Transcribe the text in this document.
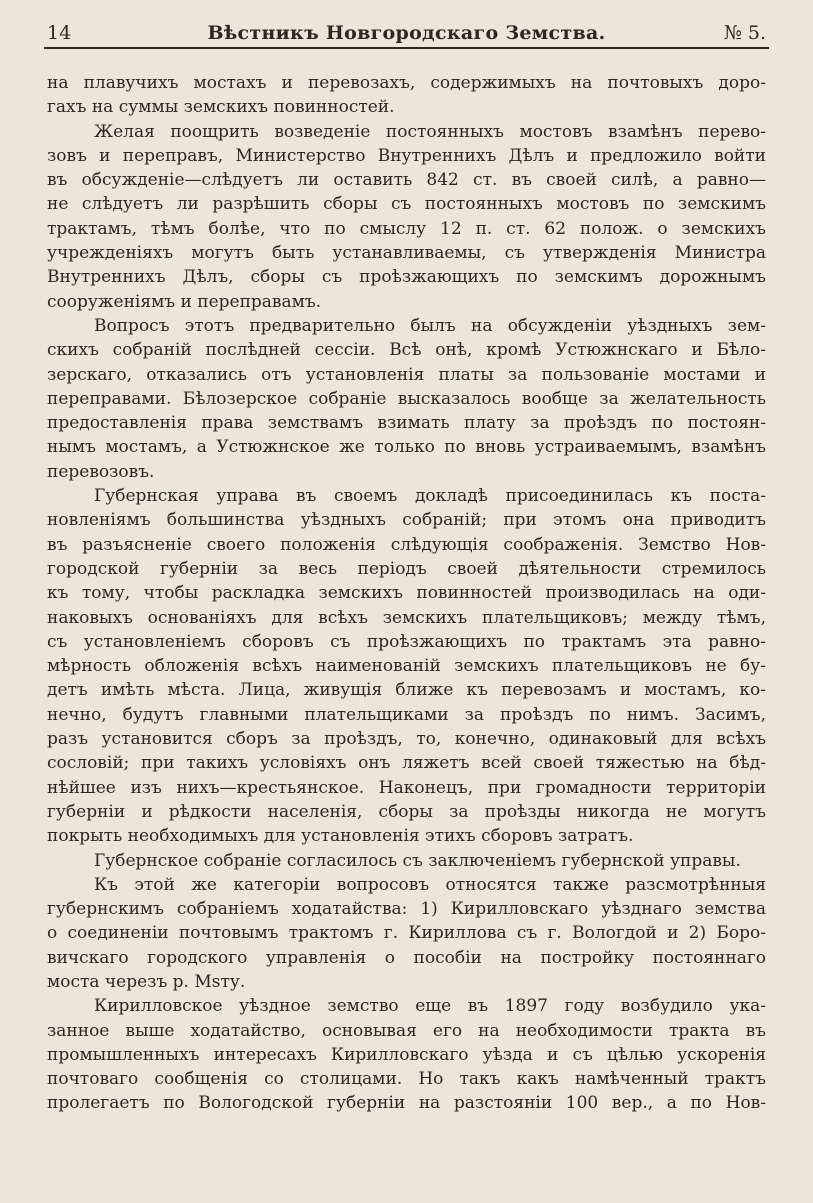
14	Вѣстникъ Новгородскаго Земства.	№ 5.
на плавучихъ мостахъ и перевозахъ, содержимыхъ на почтовыхъ доро-
гахъ на суммы земскихъ повинностей.
Желая поощрить возведеніе постоянныхъ мостовъ взамѣнъ перево-
зовъ и переправъ, Министерство Внутреннихъ Дѣлъ и предложило войти
въ обсужденіе—слѣдуетъ ли оставить 842 ст. въ своей силѣ, а равно—
не слѣдуетъ ли разрѣшить сборы съ постоянныхъ мостовъ по земскимъ
трактамъ, тѣмъ болѣе, что по смыслу 12 п. ст. 62 полож. о земскихъ
учрежденіяхъ могутъ быть устанавливаемы, съ утвержденія Министра
Внутреннихъ Дѣлъ, сборы съ проѣзжающихъ по земскимъ дорожнымъ
сооруженіямъ и переправамъ.
Вопросъ этотъ предварительно былъ на обсужденіи уѣздныхъ зем-
скихъ собраній послѣдней сессіи. Всѣ онѣ, кромѣ Устюжнскаго и Бѣло-
зерскаго, отказались отъ установленія платы за пользованіе мостами и
переправами. Бѣлозерское собраніе высказалось вообще за желательность
предоставленія права земствамъ взимать плату за проѣздъ по постоян-
нымъ мостамъ, а Устюжнское же только по вновь устраиваемымъ, взамѣнъ
перевозовъ.
Губернская управа въ своемъ докладѣ присоединилась къ поста-
новленіямъ большинства уѣздныхъ собраній; при этомъ она приводитъ
въ разъясненіе своего положенія слѣдующія соображенія. Земство Нов-
городской губерніи за весь періодъ своей дѣятельности стремилось
къ тому, чтобы раскладка земскихъ повинностей производилась на оди-
наковыхъ основаніяхъ для всѣхъ земскихъ плательщиковъ; между тѣмъ,
съ установленіемъ сборовъ съ проѣзжающихъ по трактамъ эта равно-
мѣрность обложенія всѣхъ наименованій земскихъ плательщиковъ не бу-
детъ имѣть мѣста. Лица, живущія ближе къ перевозамъ и мостамъ, ко-
нечно, будутъ главными плательщиками за проѣздъ по нимъ. Засимъ,
разъ установится сборъ за проѣздъ, то, конечно, одинаковый для всѣхъ
сословій; при такихъ условіяхъ онъ ляжетъ всей своей тяжестью на бѣд-
нѣйшее изъ нихъ—крестьянское. Наконецъ, при громадности территоріи
губерніи и рѣдкости населенія, сборы за проѣзды никогда не могутъ
покрыть необходимыхъ для установленія этихъ сборовъ затратъ.
Губернское собраніе согласилось съ заключеніемъ губернской управы.
Къ этой же категоріи вопросовъ относятся также разсмотрѣнныя
губернскимъ собраніемъ ходатайства: 1) Кирилловскаго уѣзднаго земства
о соединеніи почтовымъ трактомъ г. Кириллова съ г. Вологдой и 2) Боро-
вичскаго городского управленія о пособіи на постройку постояннаго
моста черезъ р. Msту.
Кирилловское уѣздное земство еще въ 1897 году возбудило ука-
занное выше ходатайство, основывая его на необходимости тракта въ
промышленныхъ интересахъ Кирилловскаго уѣзда и съ цѣлью ускоренія
почтоваго сообщенія со столицами. Но такъ какъ намѣченный трактъ
пролегаетъ по Вологодской губерніи на разстояніи 100 вер., а по Нов-
